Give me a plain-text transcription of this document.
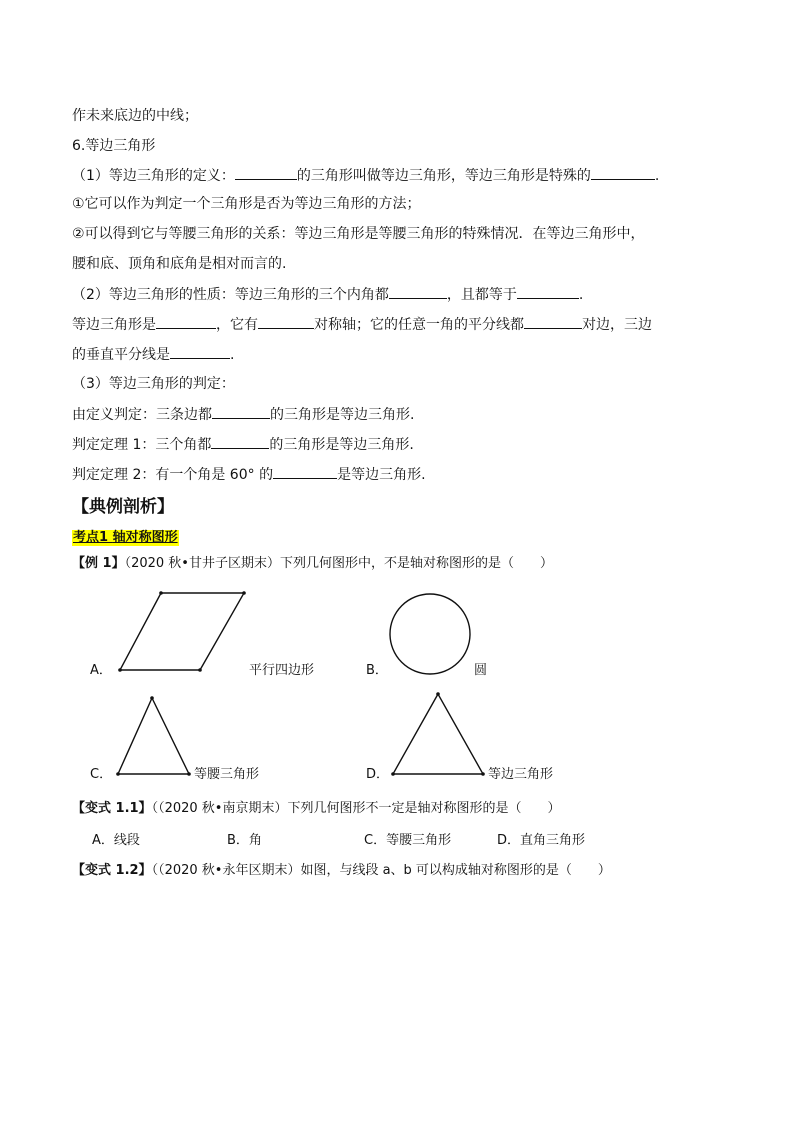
作未来底边的中线；
6.等边三角形
（1）等边三角形的定义：	的三角形叫做等边三角形，等边三角形是特殊的	.
①它可以作为判定一个三角形是否为等边三角形的方法；
②可以得到它与等腰三角形的关系：等边三角形是等腰三角形的特殊情况．在等边三角形中，
腰和底、顶角和底角是相对而言的.
（2）等边三角形的性质：等边三角形的三个内角都	，且都等于	.
等边三角形是	，它有	对称轴；它的任意一角的平分线都	对边，三边
的垂直平分线是	.
（3）等边三角形的判定：
由定义判定：三条边都	的三角形是等边三角形.
判定定理 1：三个角都	的三角形是等边三角形.
判定定理 2：有一个角是 60° 的	是等边三角形.
【典例剖析】
考点1 轴对称图形
【例 1】（2020 秋•甘井子区期末）下列几何图形中，不是轴对称图形的是（　　）
A．	平行四边形	B．	圆
C．	等腰三角形	D．	等边三角形
【变式 1.1】（（2020 秋•南京期末）下列几何图形不一定是轴对称图形的是（　　）
A．线段	B．角	C．等腰三角形	D．直角三角形
【变式 1.2】（（2020 秋•永年区期末）如图，与线段 a、b 可以构成轴对称图形的是（　　）
